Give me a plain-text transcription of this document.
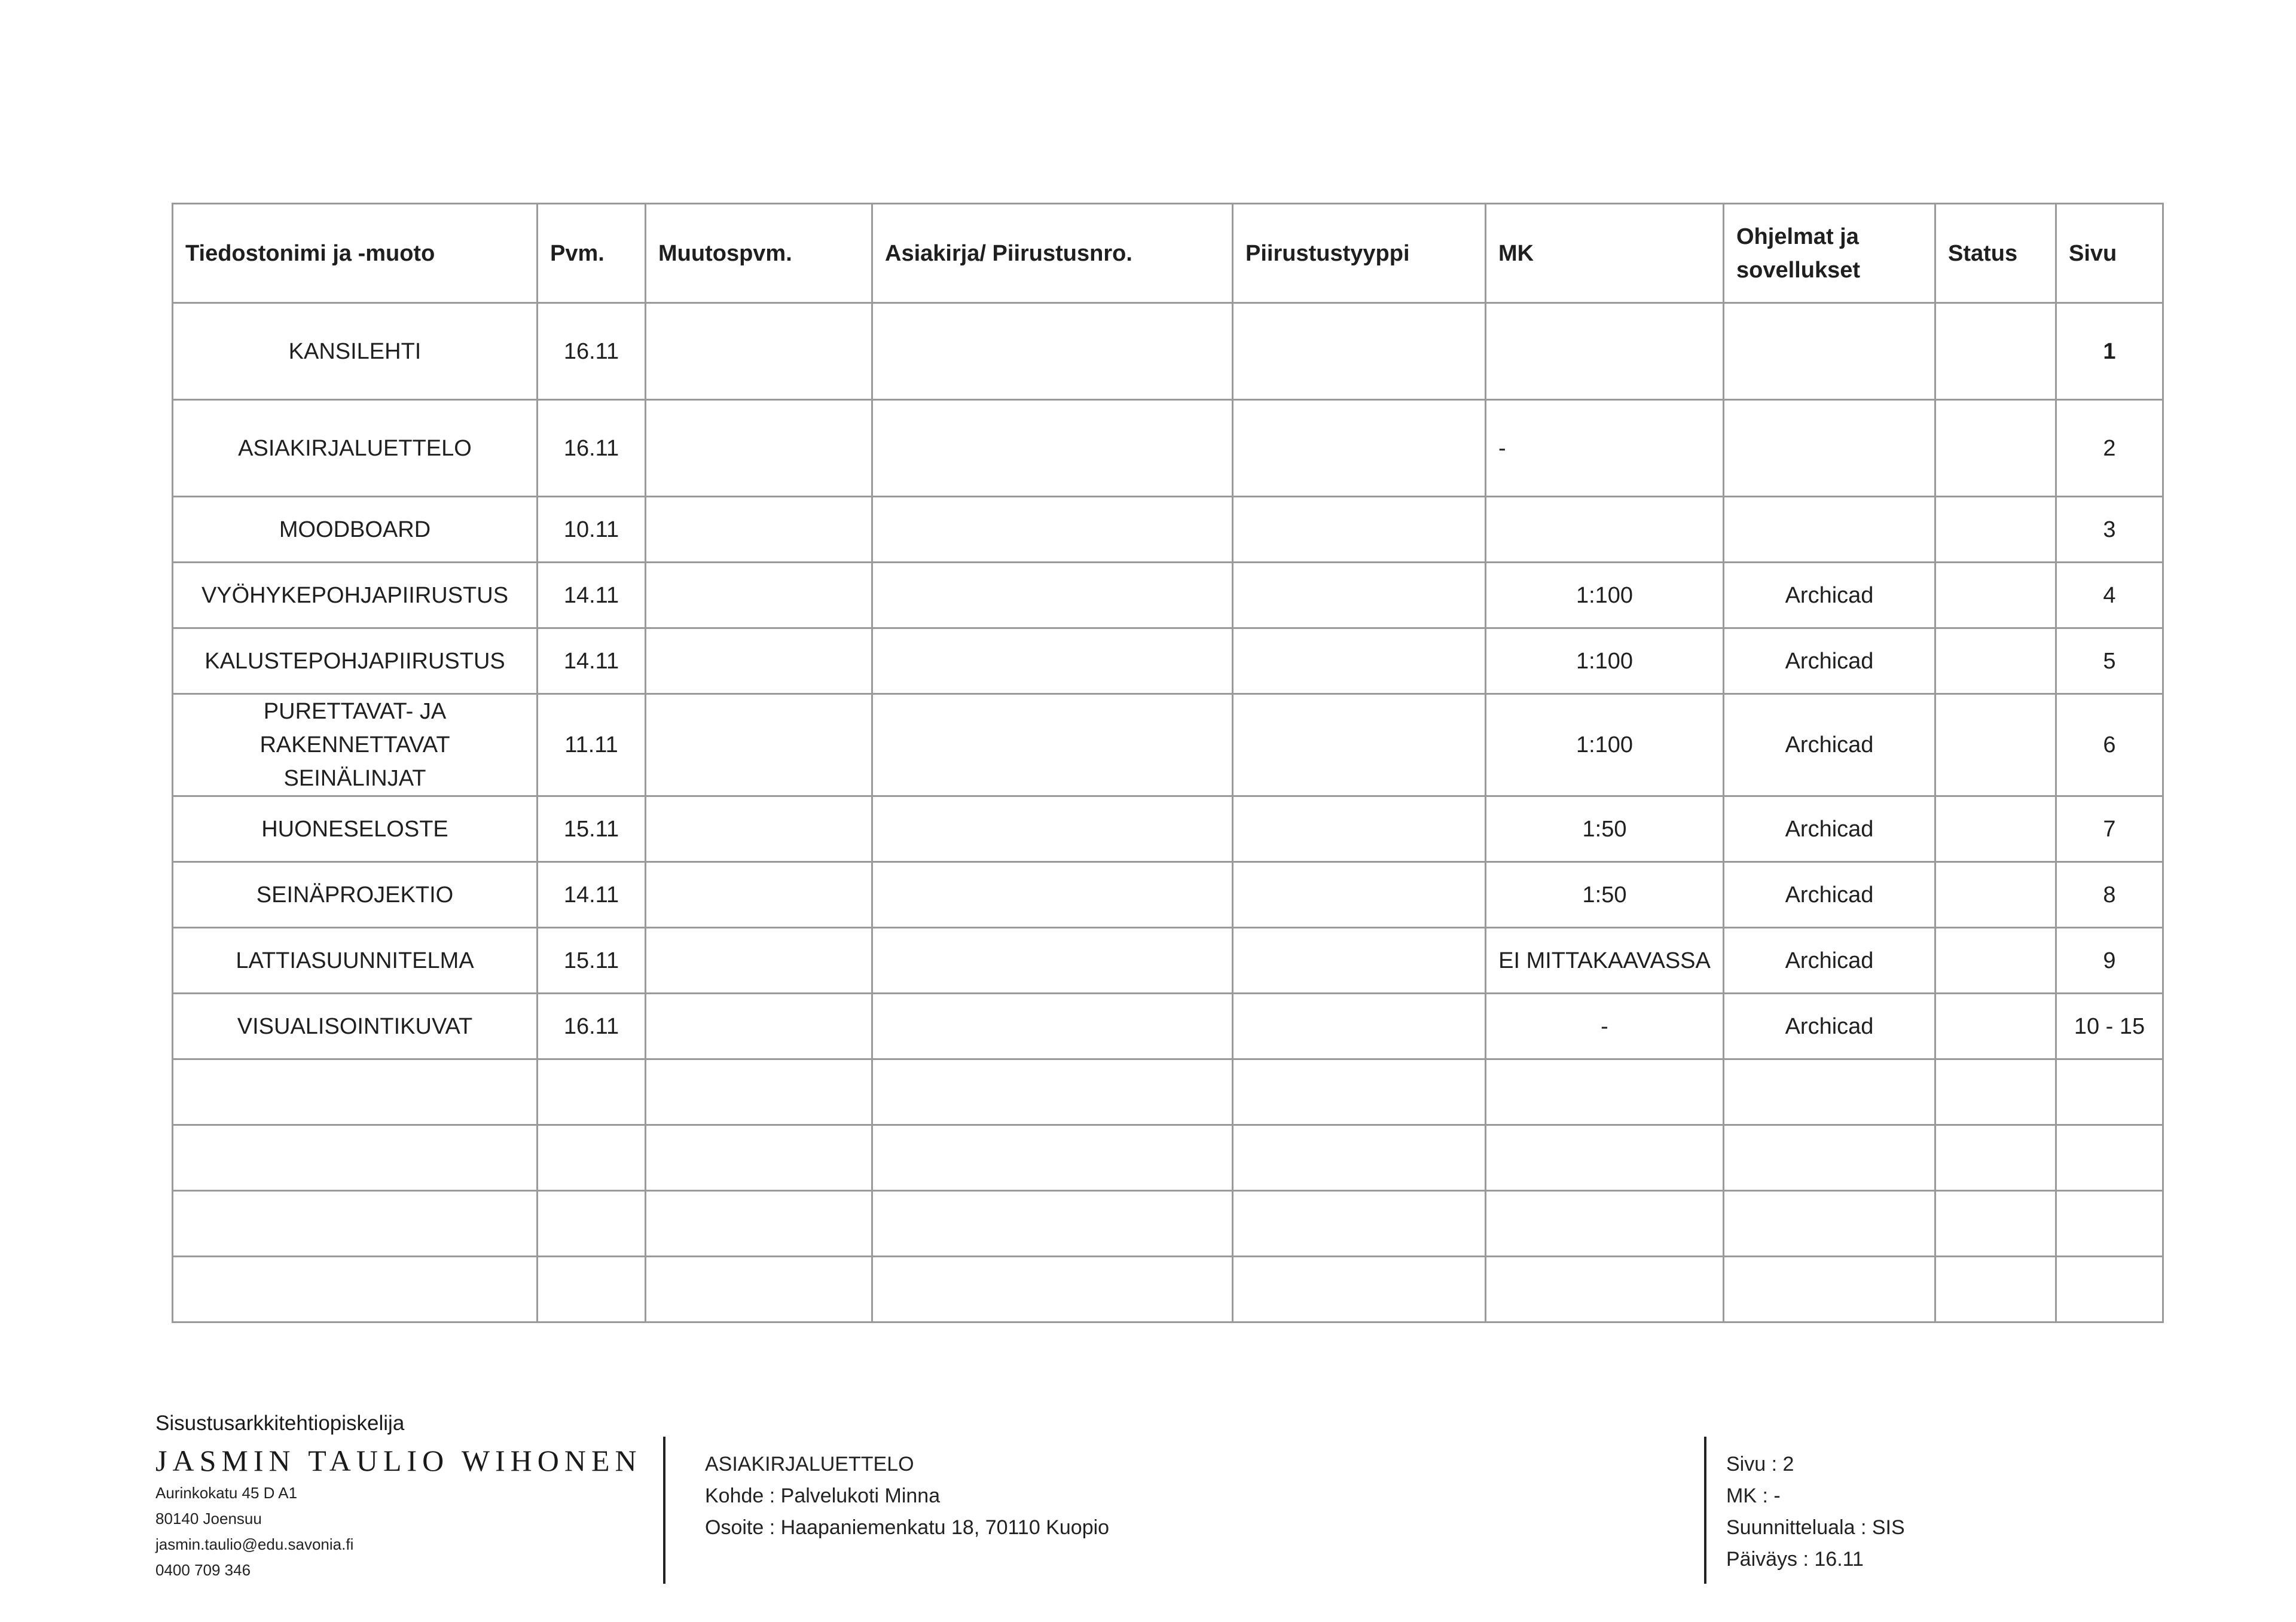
Tiedostonimi ja -muoto	Pvm.	Muutospvm.	Asiakirja/ Piirustusnro.	Piirustustyyppi	MK	Ohjelmat ja sovellukset	Status	Sivu
KANSILEHTI	16.11							1
ASIAKIRJALUETTELO	16.11				-			2
MOODBOARD	10.11							3
VYÖHYKEPOHJAPIIRUSTUS	14.11				1:100	Archicad		4
KALUSTEPOHJAPIIRUSTUS	14.11				1:100	Archicad		5
PURETTAVAT- JA RAKENNETTAVAT SEINÄLINJAT	11.11				1:100	Archicad		6
HUONESELOSTE	15.11				1:50	Archicad		7
SEINÄPROJEKTIO	14.11				1:50	Archicad		8
LATTIASUUNNITELMA	15.11				EI MITTAKAAVASSA	Archicad		9
VISUALISOINTIKUVAT	16.11				-	Archicad		10 - 15

Sisustusarkkitehtiopiskelija
JASMIN TAULIO WIHONEN
Aurinkokatu 45 D A1
80140 Joensuu
jasmin.taulio@edu.savonia.fi
0400 709 346
ASIAKIRJALUETTELO
Kohde : Palvelukoti Minna
Osoite : Haapaniemenkatu 18, 70110 Kuopio
Sivu : 2
MK : -
Suunnitteluala : SIS
Päiväys : 16.11
